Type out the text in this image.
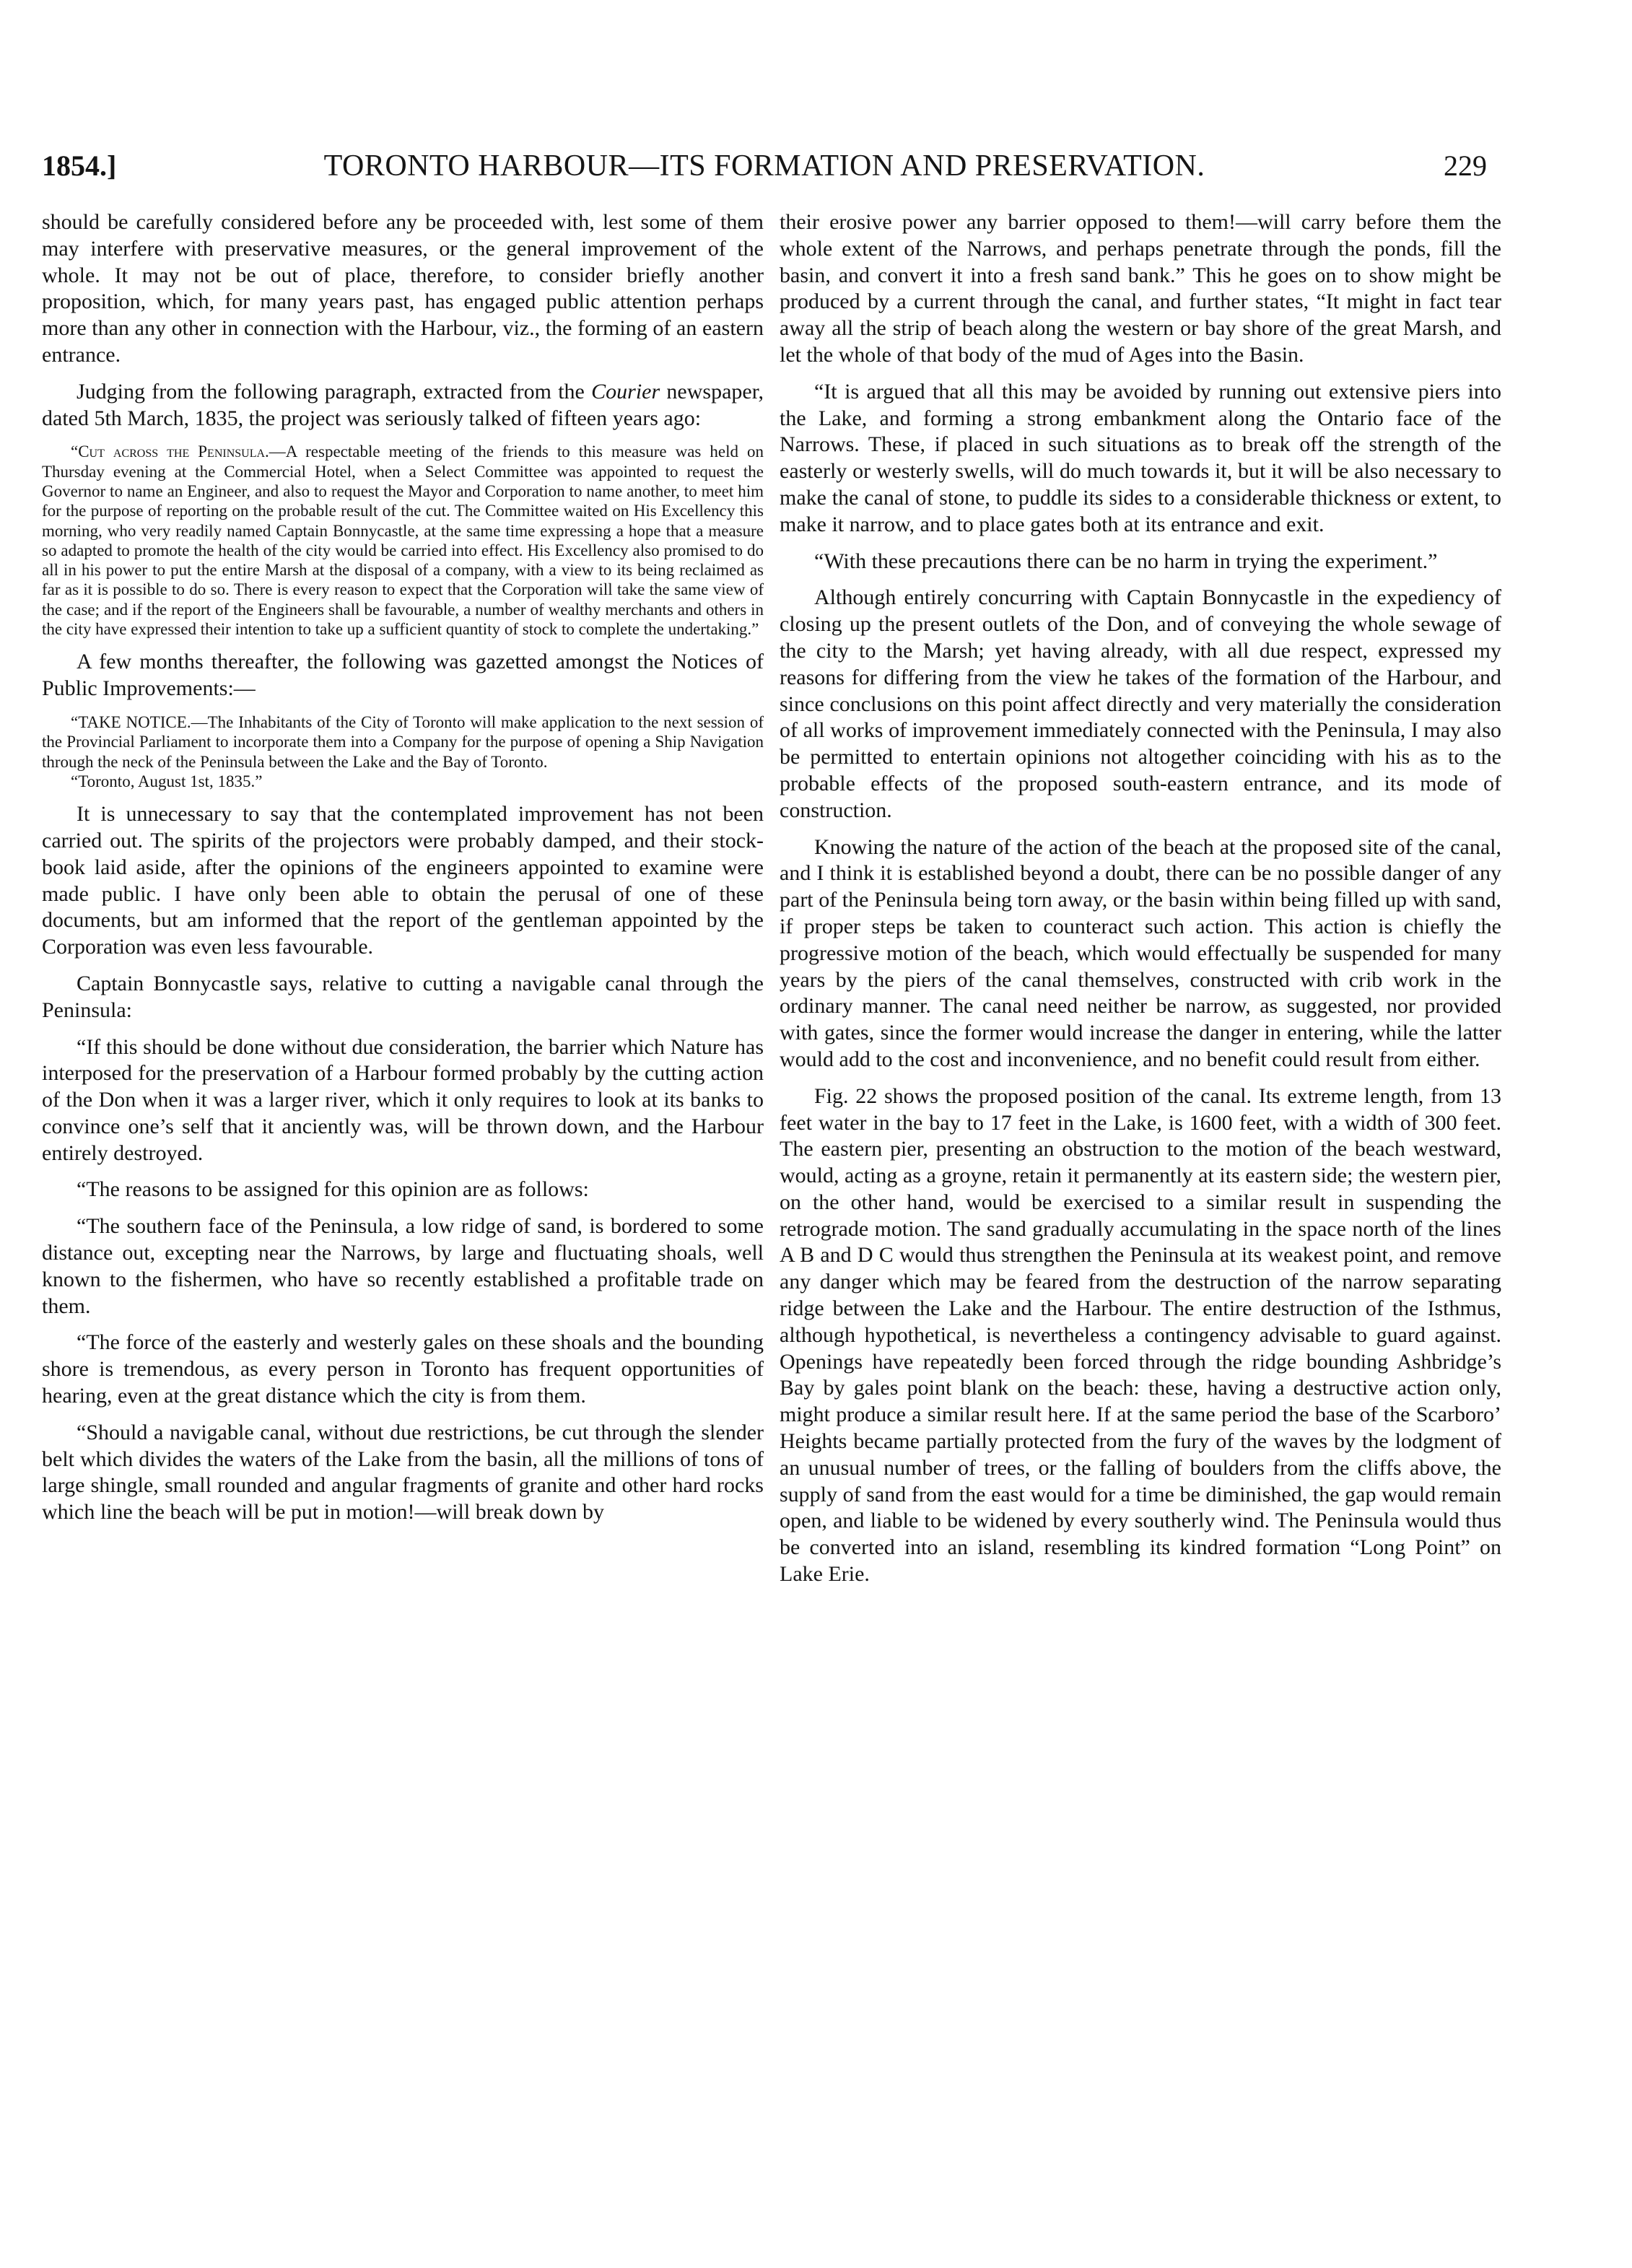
1854.]	TORONTO HARBOUR—ITS FORMATION AND PRESERVATION.	229

should be carefully considered before any be proceeded with, lest some of them may interfere with preservative measures, or the general improvement of the whole. It may not be out of place, therefore, to consider briefly another proposition, which, for many years past, has engaged public attention perhaps more than any other in connection with the Harbour, viz., the forming of an eastern entrance.

Judging from the following paragraph, extracted from the Courier newspaper, dated 5th March, 1835, the project was seriously talked of fifteen years ago:

“Cut across the Peninsula.—A respectable meeting of the friends to this measure was held on Thursday evening at the Commercial Hotel, when a Select Committee was appointed to request the Governor to name an Engineer, and also to request the Mayor and Corporation to name another, to meet him for the purpose of reporting on the probable result of the cut. The Committee waited on His Excellency this morning, who very readily named Captain Bonnycastle, at the same time expressing a hope that a measure so adapted to promote the health of the city would be carried into effect. His Excellency also promised to do all in his power to put the entire Marsh at the disposal of a company, with a view to its being reclaimed as far as it is possible to do so. There is every reason to expect that the Corporation will take the same view of the case; and if the report of the Engineers shall be favourable, a number of wealthy merchants and others in the city have expressed their intention to take up a sufficient quantity of stock to complete the undertaking.”

A few months thereafter, the following was gazetted amongst the Notices of Public Improvements:—

“TAKE NOTICE.—The Inhabitants of the City of Toronto will make application to the next session of the Provincial Parliament to incorporate them into a Company for the purpose of opening a Ship Navigation through the neck of the Peninsula between the Lake and the Bay of Toronto.

“Toronto, August 1st, 1835.”

It is unnecessary to say that the contemplated improvement has not been carried out. The spirits of the projectors were probably damped, and their stock-book laid aside, after the opinions of the engineers appointed to examine were made public. I have only been able to obtain the perusal of one of these documents, but am informed that the report of the gentleman appointed by the Corporation was even less favourable.

Captain Bonnycastle says, relative to cutting a navigable canal through the Peninsula:

“If this should be done without due consideration, the barrier which Nature has interposed for the preservation of a Harbour formed probably by the cutting action of the Don when it was a larger river, which it only requires to look at its banks to convince one’s self that it anciently was, will be thrown down, and the Harbour entirely destroyed.

“The reasons to be assigned for this opinion are as follows:

“The southern face of the Peninsula, a low ridge of sand, is bordered to some distance out, excepting near the Narrows, by large and fluctuating shoals, well known to the fishermen, who have so recently established a profitable trade on them.

“The force of the easterly and westerly gales on these shoals and the bounding shore is tremendous, as every person in Toronto has frequent opportunities of hearing, even at the great distance which the city is from them.

“Should a navigable canal, without due restrictions, be cut through the slender belt which divides the waters of the Lake from the basin, all the millions of tons of large shingle, small rounded and angular fragments of granite and other hard rocks which line the beach will be put in motion!—will break down by

their erosive power any barrier opposed to them!—will carry before them the whole extent of the Narrows, and perhaps penetrate through the ponds, fill the basin, and convert it into a fresh sand bank.” This he goes on to show might be produced by a current through the canal, and further states, “It might in fact tear away all the strip of beach along the western or bay shore of the great Marsh, and let the whole of that body of the mud of Ages into the Basin.

“It is argued that all this may be avoided by running out extensive piers into the Lake, and forming a strong embankment along the Ontario face of the Narrows. These, if placed in such situations as to break off the strength of the easterly or westerly swells, will do much towards it, but it will be also necessary to make the canal of stone, to puddle its sides to a considerable thickness or extent, to make it narrow, and to place gates both at its entrance and exit.

“With these precautions there can be no harm in trying the experiment.”

Although entirely concurring with Captain Bonnycastle in the expediency of closing up the present outlets of the Don, and of conveying the whole sewage of the city to the Marsh; yet having already, with all due respect, expressed my reasons for differing from the view he takes of the formation of the Harbour, and since conclusions on this point affect directly and very materially the consideration of all works of improvement immediately connected with the Peninsula, I may also be permitted to entertain opinions not altogether coinciding with his as to the probable effects of the proposed south-eastern entrance, and its mode of construction.

Knowing the nature of the action of the beach at the proposed site of the canal, and I think it is established beyond a doubt, there can be no possible danger of any part of the Peninsula being torn away, or the basin within being filled up with sand, if proper steps be taken to counteract such action. This action is chiefly the progressive motion of the beach, which would effectually be suspended for many years by the piers of the canal themselves, constructed with crib work in the ordinary manner. The canal need neither be narrow, as suggested, nor provided with gates, since the former would increase the danger in entering, while the latter would add to the cost and inconvenience, and no benefit could result from either.

Fig. 22 shows the proposed position of the canal. Its extreme length, from 13 feet water in the bay to 17 feet in the Lake, is 1600 feet, with a width of 300 feet. The eastern pier, presenting an obstruction to the motion of the beach westward, would, acting as a groyne, retain it permanently at its eastern side; the western pier, on the other hand, would be exercised to a similar result in suspending the retrograde motion. The sand gradually accumulating in the space north of the lines A B and D C would thus strengthen the Peninsula at its weakest point, and remove any danger which may be feared from the destruction of the narrow separating ridge between the Lake and the Harbour. The entire destruction of the Isthmus, although hypothetical, is nevertheless a contingency advisable to guard against. Openings have repeatedly been forced through the ridge bounding Ashbridge’s Bay by gales point blank on the beach: these, having a destructive action only, might produce a similar result here. If at the same period the base of the Scarboro’ Heights became partially protected from the fury of the waves by the lodgment of an unusual number of trees, or the falling of boulders from the cliffs above, the supply of sand from the east would for a time be diminished, the gap would remain open, and liable to be widened by every southerly wind. The Peninsula would thus be converted into an island, resembling its kindred formation “Long Point” on Lake Erie.
